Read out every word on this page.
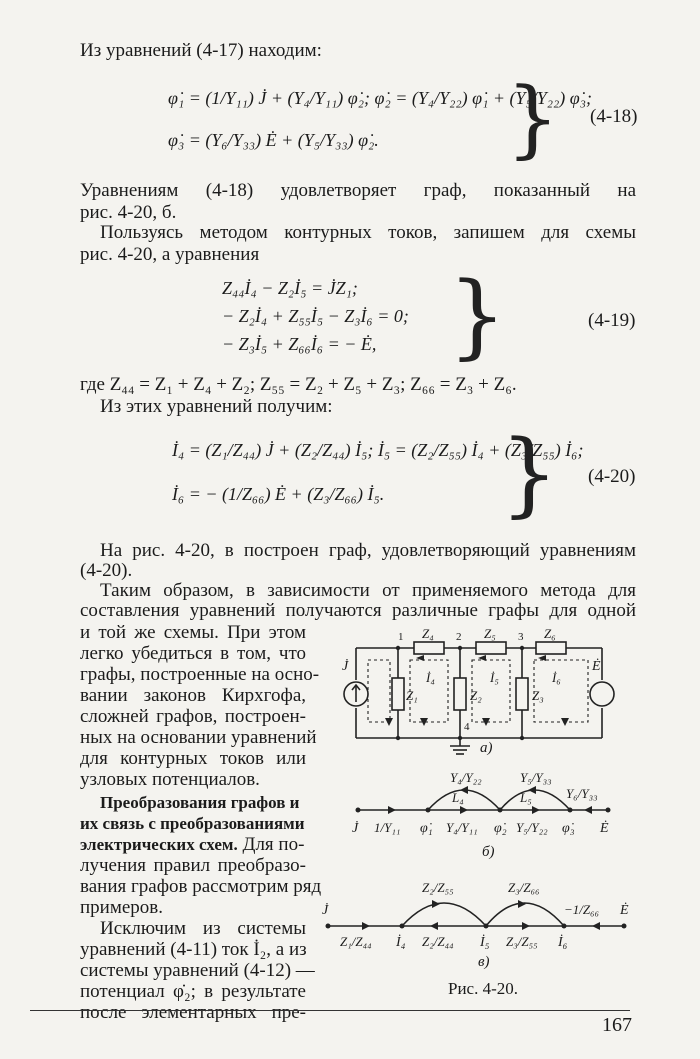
Из уравнений (4-17) находим:
φ̇₁ = (1/Y₁₁) J̇ + (Y₄/Y₁₁) φ̇₂; φ̇₂ = (Y₄/Y₂₂) φ̇₁ + (Y₅/Y₂₂) φ̇₃;
φ̇₃ = (Y₆/Y₃₃) Ė + (Y₅/Y₃₃) φ̇₂. } (4-18)
Уравнениям (4-18) удовлетворяет граф, показанный на
рис. 4-20, б.
Пользуясь методом контурных токов, запишем для схемы
рис. 4-20, а уравнения
Z₄₄İ₄ − Z₂İ₅ = J̇Z₁;
− Z₂İ₄ + Z₅₅İ₅ − Z₃İ₆ = 0;
− Z₃İ₅ + Z₆₆İ₆ = − Ė, }	(4-19)
где Z₄₄ = Z₁ + Z₄ + Z₂; Z₅₅ = Z₂ + Z₅ + Z₃; Z₆₆ = Z₃ + Z₆.
Из этих уравнений получим:
İ₄ = (Z₁/Z₄₄) J̇ + (Z₂/Z₄₄) İ₅; İ₅ = (Z₂/Z₅₅) İ₄ + (Z₃/Z₅₅) İ₆;
İ₆ = − (1/Z₆₆) Ė + (Z₃/Z₆₆) İ₅. } (4-20)
На рис. 4-20, в построен граф, удовлетворяющий уравнениям
(4-20).
Таким образом, в зависимости от применяемого метода для
составления уравнений получаются различные графы для одной
и той же схемы. При этом
легко убедиться в том, что
графы, построенные на осно-
вании законов Кирхгофа,
сложней графов, построен-
ных на основании уравнений
для контурных токов или
узловых потенциалов.
Преобразования графов и
их связь с преобразованиями
электрических схем. Для по-
лучения правил преобразо-
вания графов рассмотрим ряд
примеров.
Исключим из системы
уравнений (4-11) ток İ₂, а из
системы уравнений (4-12) —
потенциал φ̇₂; в результате
после элементарных пре-
167
1	2	3
4
Z₄	Z₅	Z₆
Z₁	Z₂	Z₃
İ₄	İ₅	İ₆
J̇	Ė
а)
Y₄/Y₂₂	Y₅/Y₃₃
Y₆/Y₃₃
L₄	L₅
J̇ 1/Y₁₁ φ̇₁ Y₄/Y₁₁ φ̇₂ Y₅/Y₂₂ φ̇₃ Ė
б)
Z₂/Z₅₅	Z₃/Z₆₆
−1/Z₆₆
J̇	Ė
Z₁/Z₄₄ İ₄ Z₂/Z₄₄ İ₅ Z₃/Z₅₅ İ₆
в)
Рис. 4-20.
